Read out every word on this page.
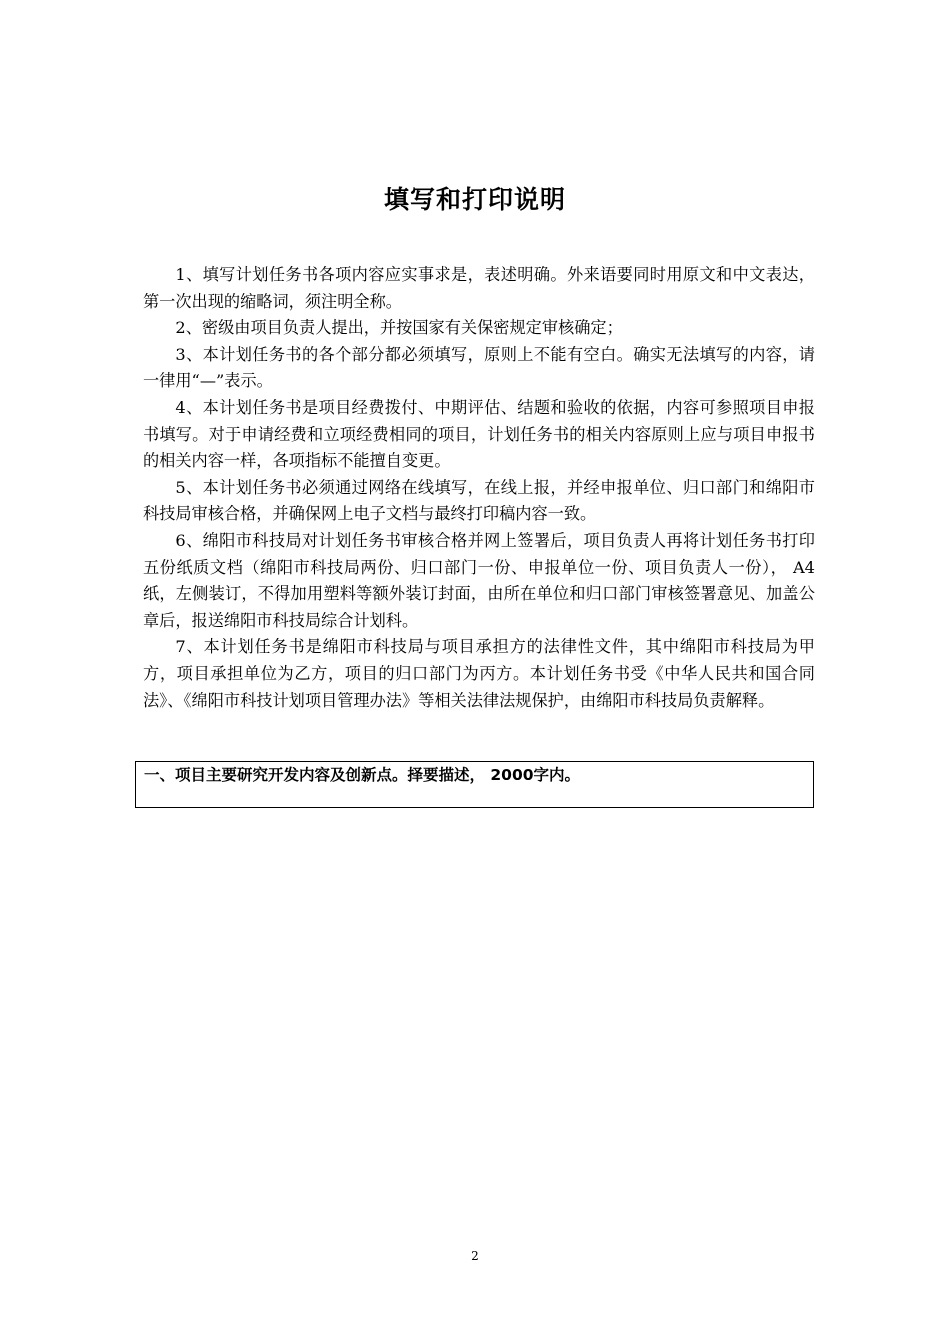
填写和打印说明

1、填写计划任务书各项内容应实事求是，表述明确。外来语要同时用原文和中文表达，第一次出现的缩略词，须注明全称。

2、密级由项目负责人提出，并按国家有关保密规定审核确定；

3、本计划任务书的各个部分都必须填写，原则上不能有空白。确实无法填写的内容，请一律用“—”表示。

4、本计划任务书是项目经费拨付、中期评估、结题和验收的依据，内容可参照项目申报书填写。对于申请经费和立项经费相同的项目，计划任务书的相关内容原则上应与项目申报书的相关内容一样，各项指标不能擅自变更。

5、本计划任务书必须通过网络在线填写，在线上报，并经申报单位、归口部门和绵阳市科技局审核合格，并确保网上电子文档与最终打印稿内容一致。

6、绵阳市科技局对计划任务书审核合格并网上签署后，项目负责人再将计划任务书打印五份纸质文档（绵阳市科技局两份、归口部门一份、申报单位一份、项目负责人一份）， A4纸，左侧装订，不得加用塑料等额外装订封面，由所在单位和归口部门审核签署意见、加盖公章后，报送绵阳市科技局综合计划科。

7、本计划任务书是绵阳市科技局与项目承担方的法律性文件，其中绵阳市科技局为甲方，项目承担单位为乙方，项目的归口部门为丙方。本计划任务书受《中华人民共和国合同法》、《绵阳市科技计划项目管理办法》等相关法律法规保护，由绵阳市科技局负责解释。

一、项目主要研究开发内容及创新点。择要描述， 2000字内。
2
